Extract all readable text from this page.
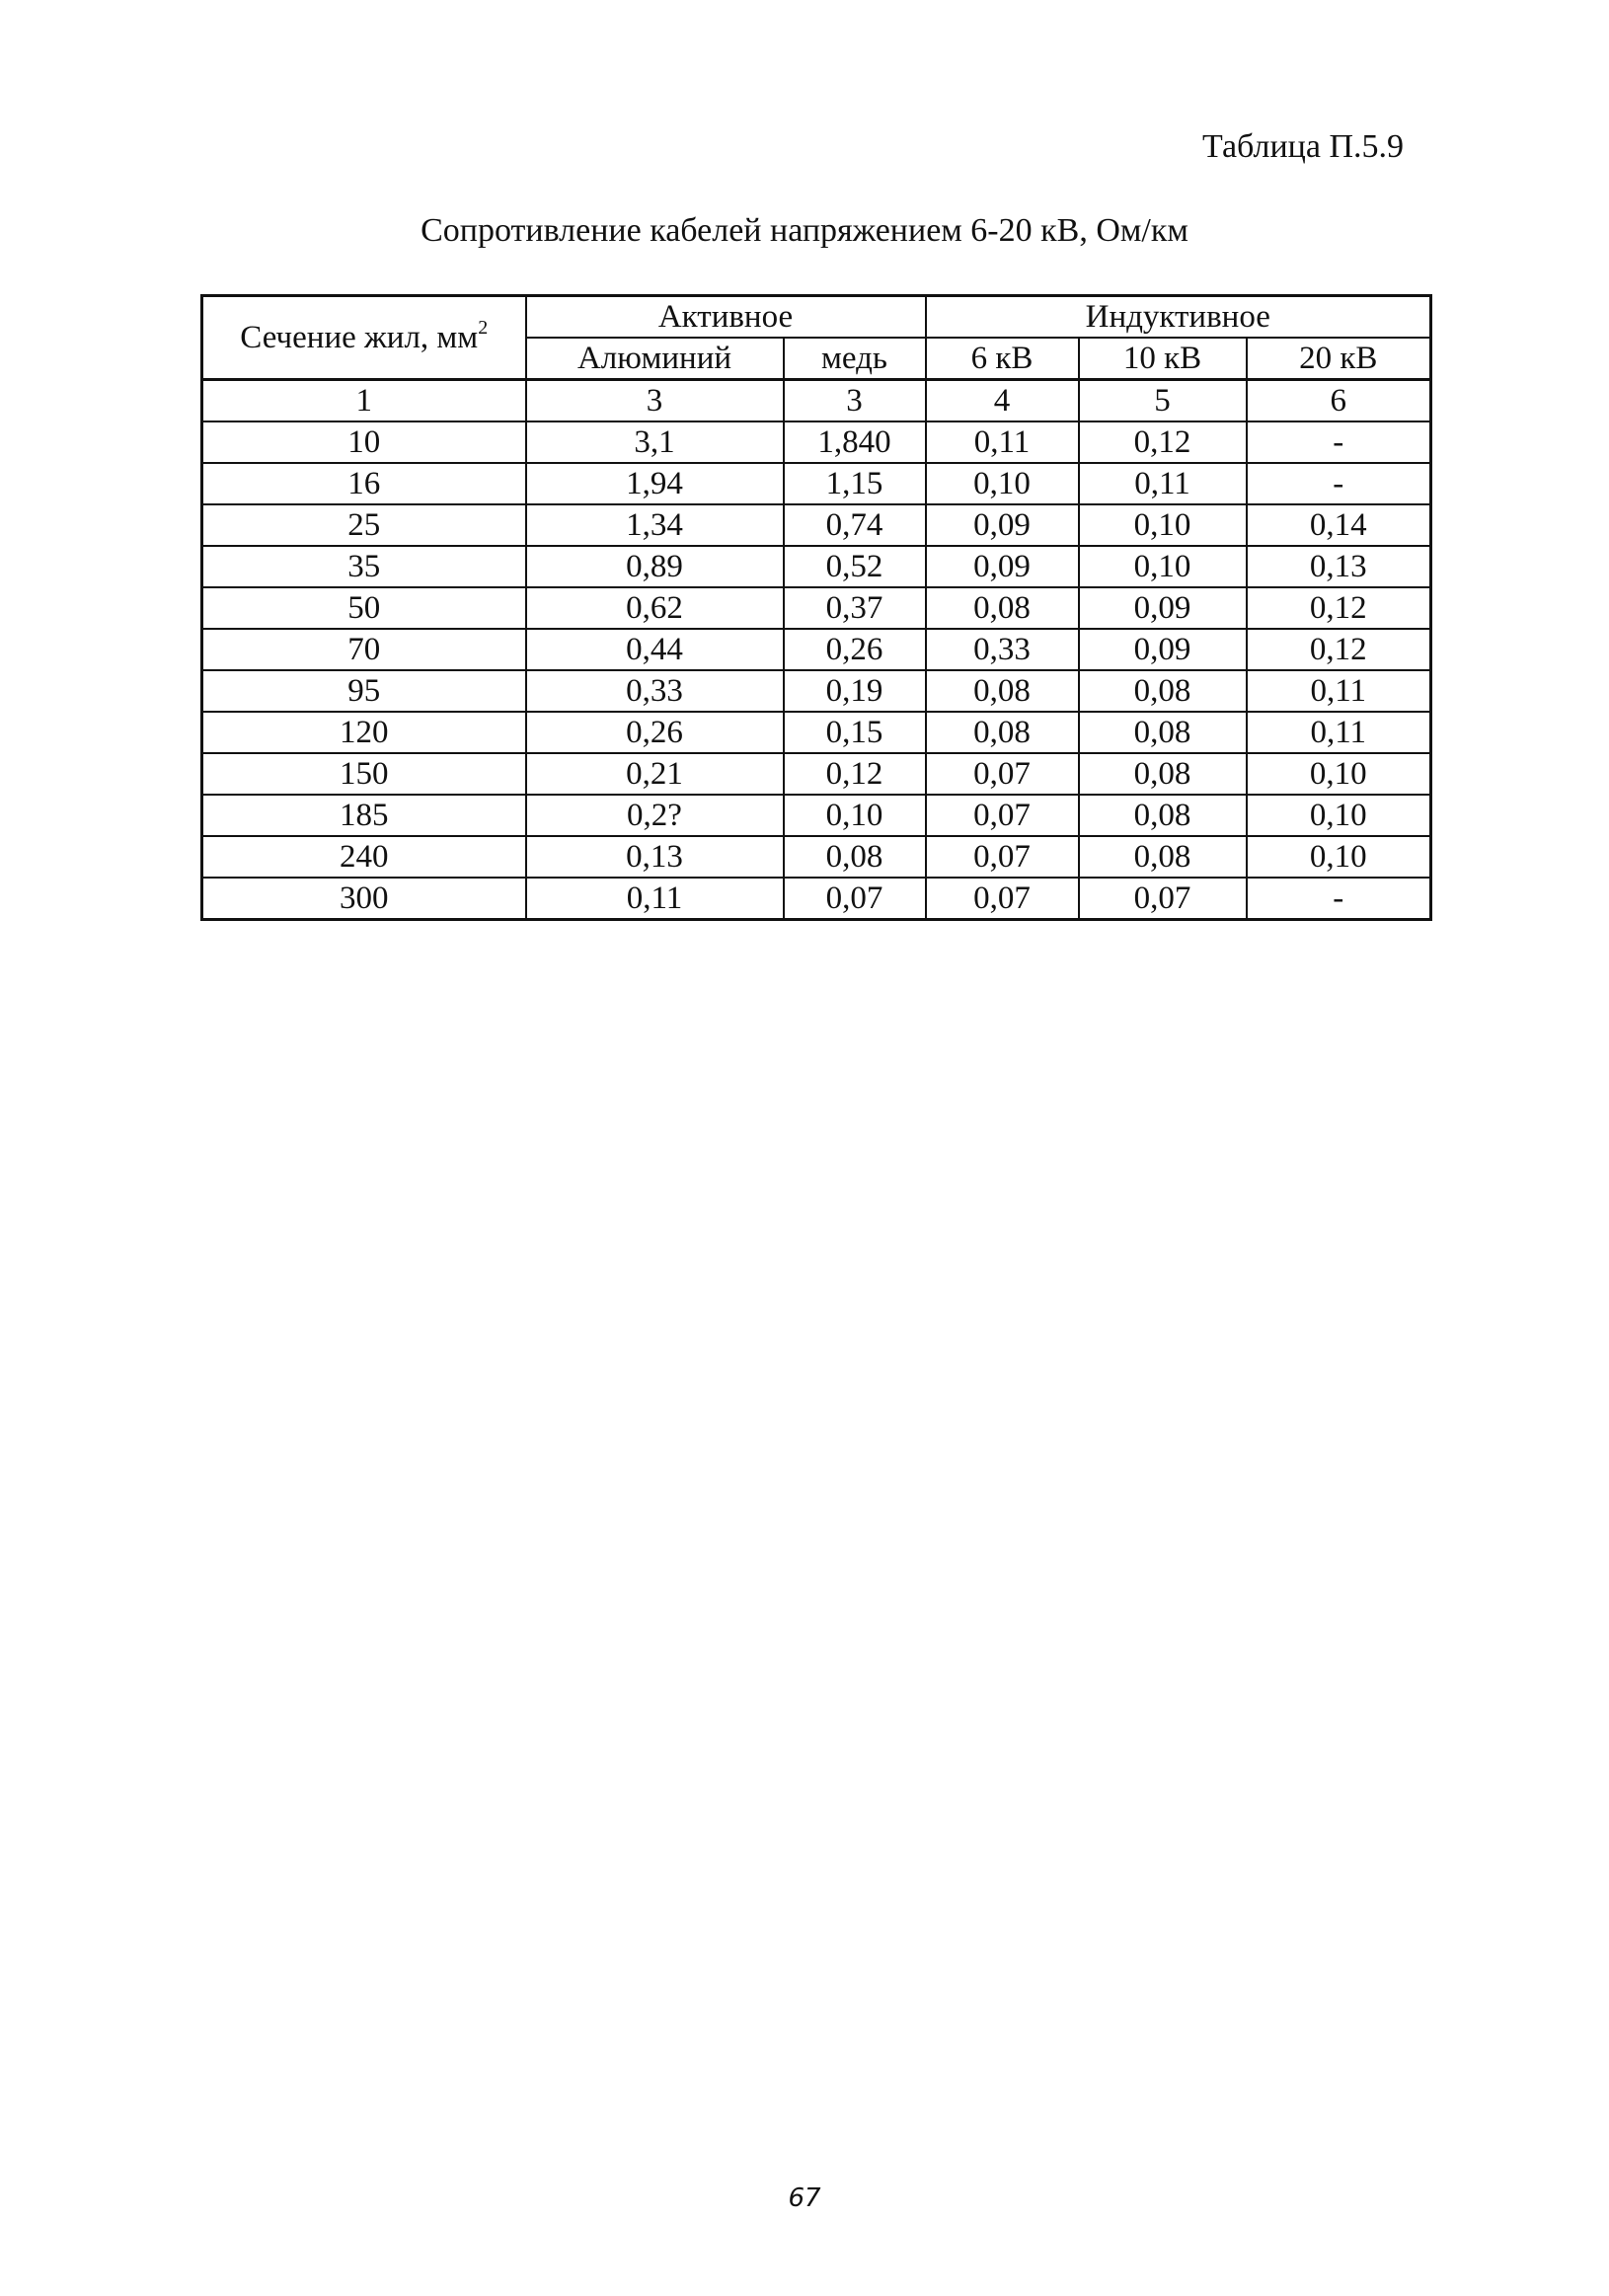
Таблица П.5.9
Сопротивление кабелей напряжением 6-20 кВ, Ом/км
Сечение жил, $мм^2$	Активное		Индуктивное		
	Алюминий	медь	6 кВ	10 кВ	20 кВ
1	3	3	4	5	6
10	3,1	1,840	0,11	0,12	-
16	1,94	1,15	0,10	0,11	-
25	1,34	0,74	0,09	0,10	0,14
35	0,89	0,52	0,09	0,10	0,13
50	0,62	0,37	0,08	0,09	0,12
70	0,44	0,26	0,33	0,09	0,12
95	0,33	0,19	0,08	0,08	0,11
120	0,26	0,15	0,08	0,08	0,11
150	0,21	0,12	0,07	0,08	0,10
185	0,2?	0,10	0,07	0,08	0,10
240	0,13	0,08	0,07	0,08	0,10
300	0,11	0,07	0,07	0,07	-
67
